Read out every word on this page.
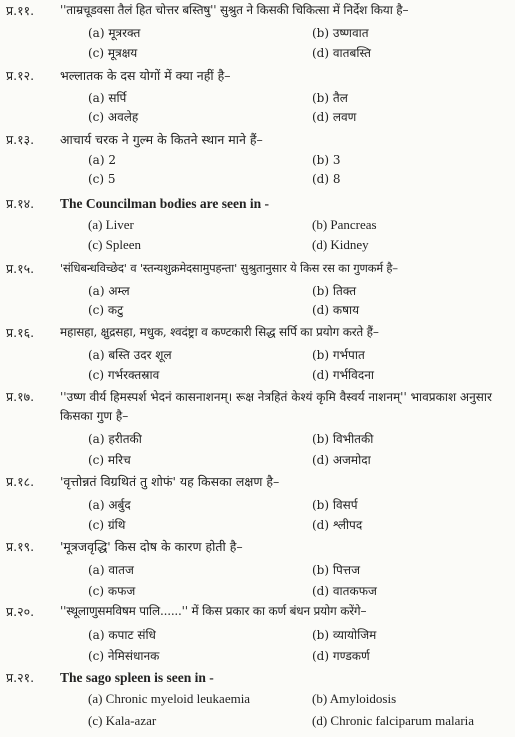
प्र.११. ''ताम्रचूडवसा तैलं हित चोत्तर बस्तिषु'' सुश्रुत ने किसकी चिकित्सा में निर्देश किया है–
(a) मूत्ररक्त	(b) उष्णवात
(c) मूत्रक्षय	(d) वातबस्ति
प्र.१२. भल्लातक के दस योगों में क्या नहीं है–
(a) सर्पि	(b) तैल
(c) अवलेह	(d) लवण
प्र.१३. आचार्य चरक ने गुल्म के कितने स्थान माने हैं–
(a) 2	(b) 3
(c) 5	(d) 8
प्र.१४. The Councilman bodies are seen in -
(a) Liver	(b) Pancreas
(c) Spleen	(d) Kidney
प्र.१५. 'संधिबन्धविच्छेद' व 'स्तन्यशुक्रमेदसामुपहन्ता' सुश्रुतानुसार ये किस रस का गुणकर्म है–
(a) अम्ल	(b) तिक्त
(c) कटु	(d) कषाय
प्र.१६. महासहा, क्षुद्रसहा, मधुक, श्वदंष्ट्रा व कण्टकारी सिद्ध सर्पि का प्रयोग करते हैं–
(a) बस्ति उदर शूल	(b) गर्भपात
(c) गर्भरक्तस्राव	(d) गर्भविदना
प्र.१७. ''उष्ण वीर्य हिमस्पर्श भेदनं कासनाशनम्। रूक्ष नेत्रहितं केश्यं कृमि वैस्वर्य नाशनम्'' भावप्रकाश अनुसार किसका गुण है–
(a) हरीतकी	(b) विभीतकी
(c) मरिच	(d) अजमोदा
प्र.१८. 'वृत्तोन्नतं विग्रथितं तु शोफं' यह किसका लक्षण है–
(a) अर्बुद	(b) विसर्प
(c) ग्रंथि	(d) श्लीपद
प्र.१९. 'मूत्रजवृद्धि' किस दोष के कारण होती है–
(a) वातज	(b) पित्तज
(c) कफज	(d) वातकफज
प्र.२०. ''स्थूलाणुसमविषम पालि......'' में किस प्रकार का कर्ण बंधन प्रयोग करेंगे–
(a) कपाट संधि	(b) व्यायोजिम
(c) नेमिसंधानक	(d) गण्डकर्ण
प्र.२१. The sago spleen is seen in -
(a) Chronic myeloid leukaemia	(b) Amyloidosis
(c) Kala-azar	(d) Chronic falciparum malaria
